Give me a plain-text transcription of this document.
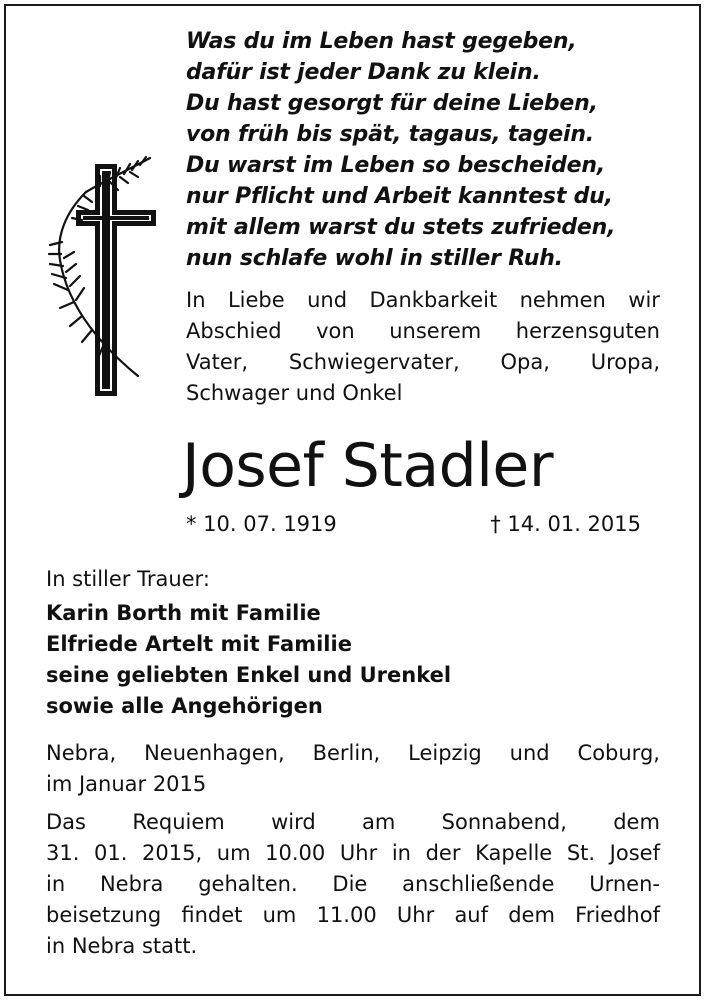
Was du im Leben hast gegeben,
dafür ist jeder Dank zu klein.
Du hast gesorgt für deine Lieben,
von früh bis spät, tagaus, tagein.
Du warst im Leben so bescheiden,
nur Pflicht und Arbeit kanntest du,
mit allem warst du stets zufrieden,
nun schlafe wohl in stiller Ruh.
In Liebe und Dankbarkeit nehmen wir
Abschied von unserem herzensguten
Vater, Schwiegervater, Opa, Uropa,
Schwager und Onkel
Josef Stadler
* 10. 07. 1919	† 14. 01. 2015
In stiller Trauer:
Karin Borth mit Familie
Elfriede Artelt mit Familie
seine geliebten Enkel und Urenkel
sowie alle Angehörigen
Nebra, Neuenhagen, Berlin, Leipzig und Coburg,
im Januar 2015
Das Requiem wird am Sonnabend, dem
31. 01. 2015, um 10.00 Uhr in der Kapelle St. Josef
in Nebra gehalten. Die anschließende Urnen-
beisetzung findet um 11.00 Uhr auf dem Friedhof
in Nebra statt.
